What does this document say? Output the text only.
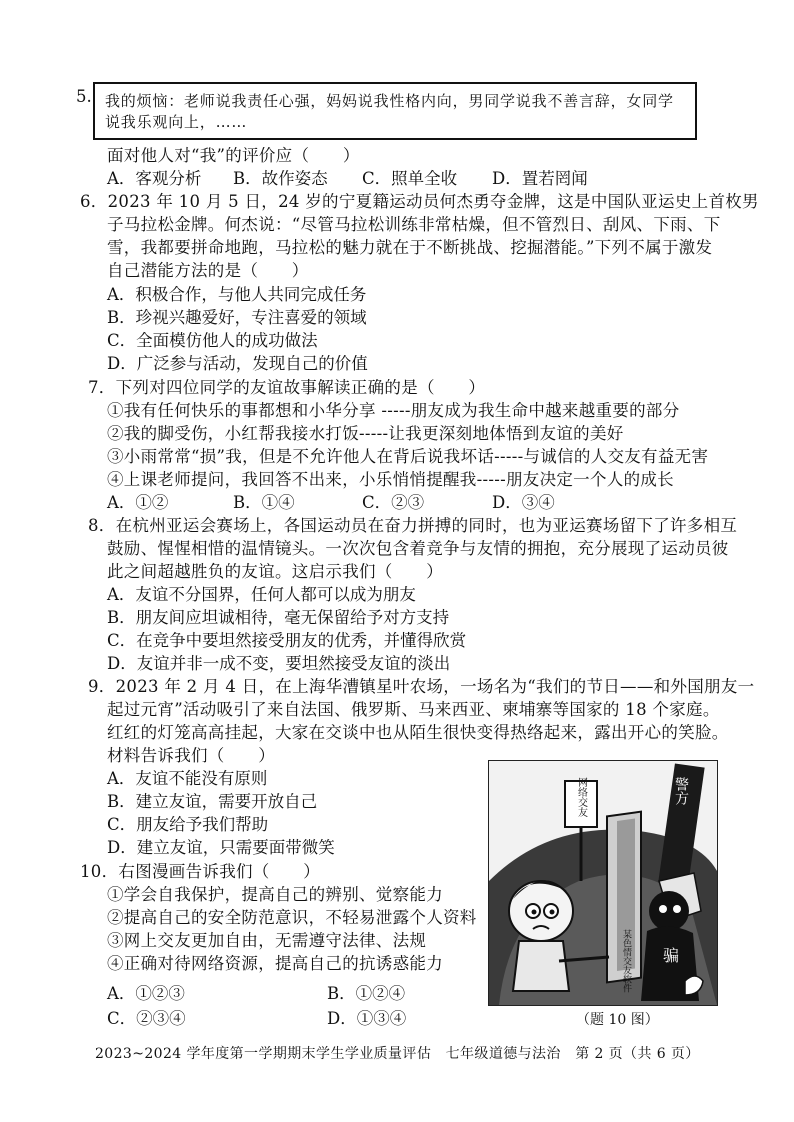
5. 我的烦恼：老师说我责任心强，妈妈说我性格内向，男同学说我不善言辞，女同学
说我乐观向上，……
面对他人对“我”的评价应（　　）
A．客观分析 B．故作姿态 C．照单全收 D．置若罔闻
6．2023 年 10 月 5 日，24 岁的宁夏籍运动员何杰勇夺金牌，这是中国队亚运史上首枚男
子马拉松金牌。何杰说：“尽管马拉松训练非常枯燥，但不管烈日、刮风、下雨、下
雪，我都要拼命地跑，马拉松的魅力就在于不断挑战、挖掘潜能。”下列不属于激发
自己潜能方法的是（　　）
A．积极合作，与他人共同完成任务
B．珍视兴趣爱好，专注喜爱的领域
C．全面模仿他人的成功做法
D．广泛参与活动，发现自己的价值
7．下列对四位同学的友谊故事解读正确的是（　　）
①我有任何快乐的事都想和小华分享 -----朋友成为我生命中越来越重要的部分
②我的脚受伤，小红帮我接水打饭-----让我更深刻地体悟到友谊的美好
③小雨常常“损”我，但是不允许他人在背后说我坏话-----与诚信的人交友有益无害
④上课老师提问，我回答不出来，小乐悄悄提醒我-----朋友决定一个人的成长
A．①②	B．①④	C．②③	D．③④
8．在杭州亚运会赛场上，各国运动员在奋力拼搏的同时，也为亚运赛场留下了许多相互
鼓励、惺惺相惜的温情镜头。一次次包含着竞争与友情的拥抱，充分展现了运动员彼
此之间超越胜负的友谊。这启示我们（　　）
A．友谊不分国界，任何人都可以成为朋友
B．朋友间应坦诚相待，毫无保留给予对方支持
C．在竞争中要坦然接受朋友的优秀，并懂得欣赏
D．友谊并非一成不变，要坦然接受友谊的淡出
9．2023 年 2 月 4 日，在上海华漕镇星叶农场，一场名为“我们的节日——和外国朋友一
起过元宵”活动吸引了来自法国、俄罗斯、马来西亚、柬埔寨等国家的 18 个家庭。
红红的灯笼高高挂起，大家在交谈中也从陌生很快变得热络起来，露出开心的笑脸。
材料告诉我们（　　）
A．友谊不能没有原则
B．建立友谊，需要开放自己
C．朋友给予我们帮助
D．建立友谊，只需要面带微笑
10．右图漫画告诉我们（　　）
①学会自我保护，提高自己的辨别、觉察能力
②提高自己的安全防范意识，不轻易泄露个人资料
③网上交友更加自由，无需遵守法律、法规
④正确对待网络资源，提高自己的抗诱惑能力
A．①②③	B．①②④
C．②③④	D．①③④
警方
某色情交友软件
网络交友
骗
（题 10 图）
2023~2024 学年度第一学期期末学生学业质量评估　七年级道德与法治　第 2 页（共 6 页）
